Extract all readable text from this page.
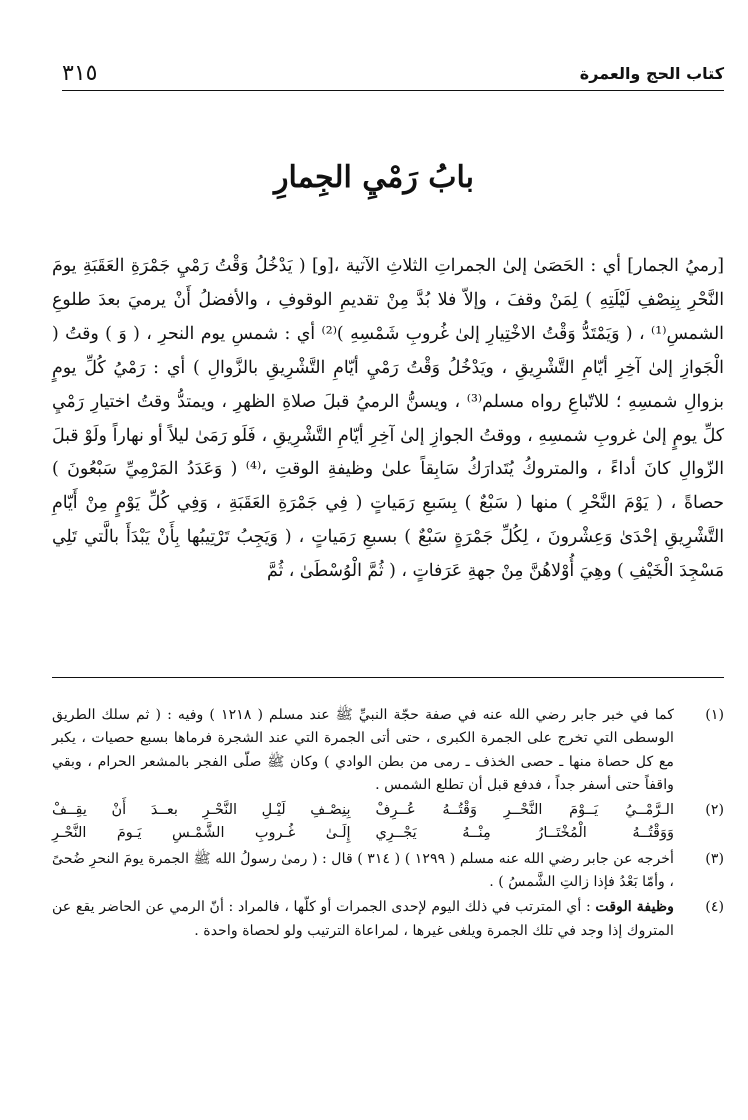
كتاب الحج والعمرة
٣١٥
بابُ رَمْيِ الجِمارِ

[رميُ الجمار] أي : الحَصَىٰ إلىٰ الجمراتِ الثلاثِ الآتية ،[و] ( يَدْخُلُ وَقْتُ رَمْيِ جَمْرَةِ العَقَبَةِ يومَ النَّحْرِ بِنِصْفِ لَيْلَتِهِ ) لِمَنْ وقفَ ، وإلاّ فلا بُدَّ مِنْ تقديمِ الوقوفِ ، والأفضلُ أَنْ يرميَ بعدَ طلوعِ الشمسِ⁽¹⁾ ، ( وَيَمْتَدُّ وَقْتُ الاخْتِيارِ إلىٰ غُروبِ شَمْسِهِ )⁽²⁾ أي : شمسِ يوم النحرِ ، ( وَ ) وقتُ ( الْجَوازِ إلىٰ آخِرِ أيّامِ التَّشْرِيقِ ، ويَدْخُلُ وَقْتُ رَمْيِ أيّامِ التَّشْرِيقِ بالزَّوالِ ) أي : رَمْيُ كُلِّ يومٍ بزوالِ شمسِهِ ؛ للاتّباعِ رواه مسلم⁽³⁾ ، ويسنُّ الرميُ قبلَ صلاةِ الظهرِ ، ويمتدُّ وقتُ اختيارِ رَمْيِ كلِّ يومٍ إلىٰ غروبِ شمسِهِ ، ووقتُ الجوازِ إلىٰ آخِرِ أيّامِ التَّشْرِيقِ ، فَلَو رَمَىٰ ليلاً أو نهاراً ولَوْ قبلَ الزّوالِ كانَ أداءً ، والمتروكُ يُتَدارَكُ سَابِقاً علىٰ وظيفةِ الوقتِ ،⁽⁴⁾ ( وَعَدَدُ المَرْمِيِّ سَبْعُونَ ) حصاةً ، ( يَوْمَ النَّحْرِ ) منها ( سَبْعٌ ) بِسَبعِ رَمَياتٍ ( فِي جَمْرَةِ العَقَبَةِ ، وَفِي كُلِّ يَوْمٍ مِنْ أَيّامِ التَّشْرِيقِ إحْدَىٰ وَعِشْرونَ ، لِكُلِّ جَمْرَةٍ سَبْعٌ ) بسبعِ رَمَياتٍ ، ( وَيَجِبُ تَرْتِيبُها بِأَنْ يَبْدَأَ بالَّتي تَلِي مَسْجِدَ الْخَيْفِ ) وهِيَ أُوْلاهُنَّ مِنْ جهةِ عَرَفاتٍ ، ( ثُمَّ الْوُسْطَىٰ ، ثُمَّ

(١)
كما في خبر جابر رضي الله عنه في صفة حجّة النبيِّ ﷺ عند مسلم ( ١٢١٨ ) وفيه : ( ثم سلك الطريق الوسطى التي تخرج على الجمرة الكبرى ، حتى أتى الجمرة التي عند الشجرة فرماها بسبع حصيات ، يكبر مع كل حصاة منها ـ حصى الخذف ـ رمى من بطن الوادي ) وكان ﷺ صلّى الفجر بالمشعر الحرام ، وبقي واقفاً حتى أسفر جداً ، فدفع قبل أن تطلع الشمس .
(٢)
الـرَّمْــيُ يَــوْمَ النَّحْــرِ وَقْتُــهُ عُــرِفْ
بِنِصْـفِ لَيْـلِ النَّحْـرِ بعــدَ أَنْ يقِــفْ
وَوَقْتُــهُ الْمُخْتَــارُ مِنْــهُ يَجْــرِي
إِلَـىٰ غُـروبِ الشَّمْـسِ يَـومَ النَّحْـرِ
(٣)
أخرجه عن جابر رضي الله عنه مسلم ( ١٢٩٩ ) ( ٣١٤ ) قال : ( رمىٰ رسولُ الله ﷺ الجمرة يومَ النحرِ ضُحىً ، وأمّا بَعْدُ فإذا زالتِ الشَّمسُ ) .
(٤)
وظيفة الوقت : أي المترتب في ذلك اليوم لإحدى الجمرات أو كلّها ، فالمراد : أنّ الرمي عن الحاضر يقع عن المتروك إذا وجد في تلك الجمرة ويلغى غيرها ، لمراعاة الترتيب ولو لحصاة واحدة .
